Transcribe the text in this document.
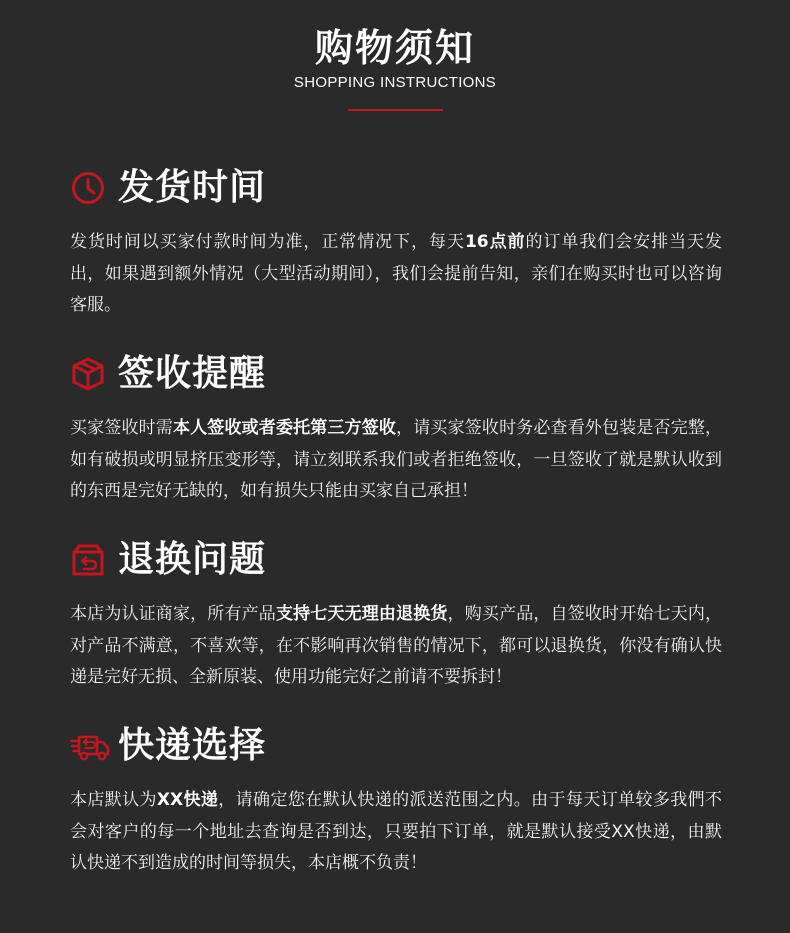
购物须知
SHOPPING INSTRUCTIONS
发货时间
发货时间以买家付款时间为准，正常情况下，每天16点前的订单我们会安排当天发出，如果遇到额外情况（大型活动期间），我们会提前告知，亲们在购买时也可以咨询客服。
签收提醒
买家签收时需本人签收或者委托第三方签收，请买家签收时务必查看外包装是否完整，如有破损或明显挤压变形等，请立刻联系我们或者拒绝签收，一旦签收了就是默认收到的东西是完好无缺的，如有损失只能由买家自己承担！
退换问题
本店为认证商家，所有产品支持七天无理由退换货，购买产品，自签收时开始七天内，对产品不满意，不喜欢等，在不影响再次销售的情况下，都可以退换货，你没有确认快递是完好无损、全新原装、使用功能完好之前请不要拆封！
快递选择
本店默认为XX快递，请确定您在默认快递的派送范围之内。由于每天订单较多我們不会对客户的每一个地址去查询是否到达，只要拍下订单，就是默认接受XX快递，由默认快递不到造成的时间等损失，本店概不负责！
